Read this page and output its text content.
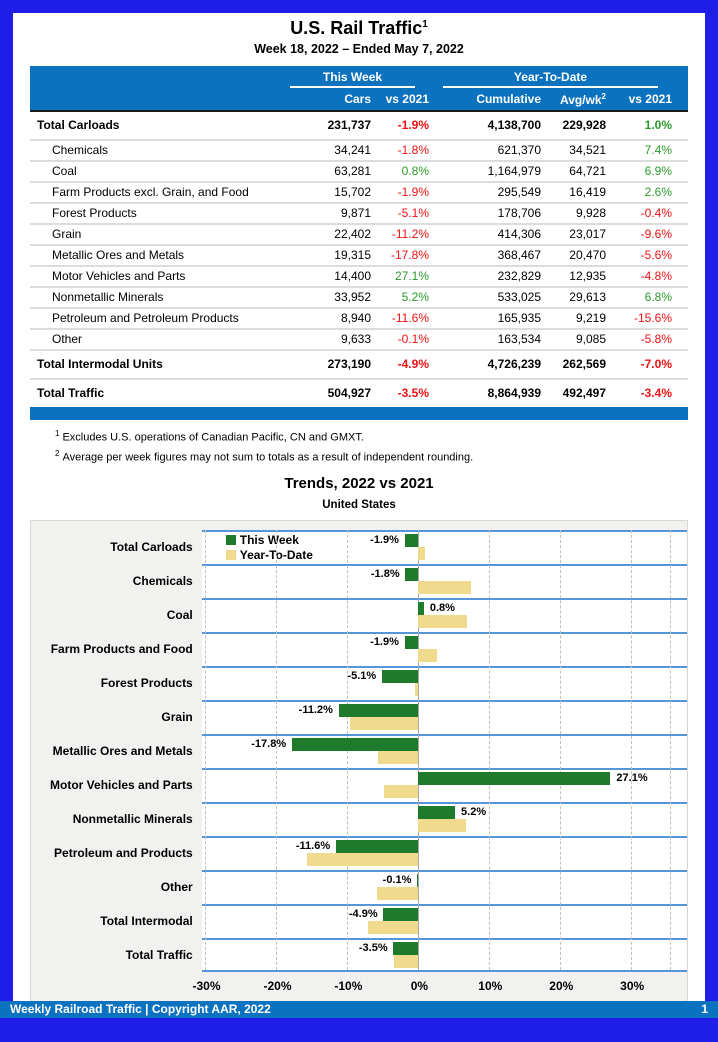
U.S. Rail Traffic$^1$
Week 18, 2022 – Ended May 7, 2022
This Week	Year-To-Date
Cars	vs 2021	Cumulative	Avg/$wk^2$	vs 2021
Total Carloads	231,737	-1.9%	4,138,700	229,928	1.0%
Chemicals	34,241	-1.8%	621,370	34,521	7.4%
Coal	63,281	0.8%	1,164,979	64,721	6.9%
Farm Products excl. Grain, and Food	15,702	-1.9%	295,549	16,419	2.6%
Forest Products	9,871	-5.1%	178,706	9,928	-0.4%
Grain	22,402	-11.2%	414,306	23,017	-9.6%
Metallic Ores and Metals	19,315	-17.8%	368,467	20,470	-5.6%
Motor Vehicles and Parts	14,400	27.1%	232,829	12,935	-4.8%
Nonmetallic Minerals	33,952	5.2%	533,025	29,613	6.8%
Petroleum and Petroleum Products	8,940	-11.6%	165,935	9,219	-15.6%
Other	9,633	-0.1%	163,534	9,085	-5.8%
Total Intermodal Units	273,190	-4.9%	4,726,239	262,569	-7.0%
Total Traffic	504,927	-3.5%	8,864,939	492,497	-3.4%
$^1$ Excludes U.S. operations of Canadian Pacific, CN and GMXT.
$^2$ Average per week figures may not sum to totals as a result of independent rounding.
Trends, 2022 vs 2021
United States
Total Carloads
Chemicals
Coal
Farm Products and Food
Forest Products
Grain
Metallic Ores and Metals
Motor Vehicles and Parts
Nonmetallic Minerals
Petroleum and Products
Other
Total Intermodal
Total Traffic
This Week
Year-To-Date
-1.9%
-1.8%
0.8%
-1.9%
-5.1%
-11.2%
-17.8%
27.1%
5.2%
-11.6%
-0.1%
-4.9%
-3.5%
-30%	-20%	-10%	0%	10%	20%	30%
Weekly Railroad Traffic | Copyright AAR, 2022	1
